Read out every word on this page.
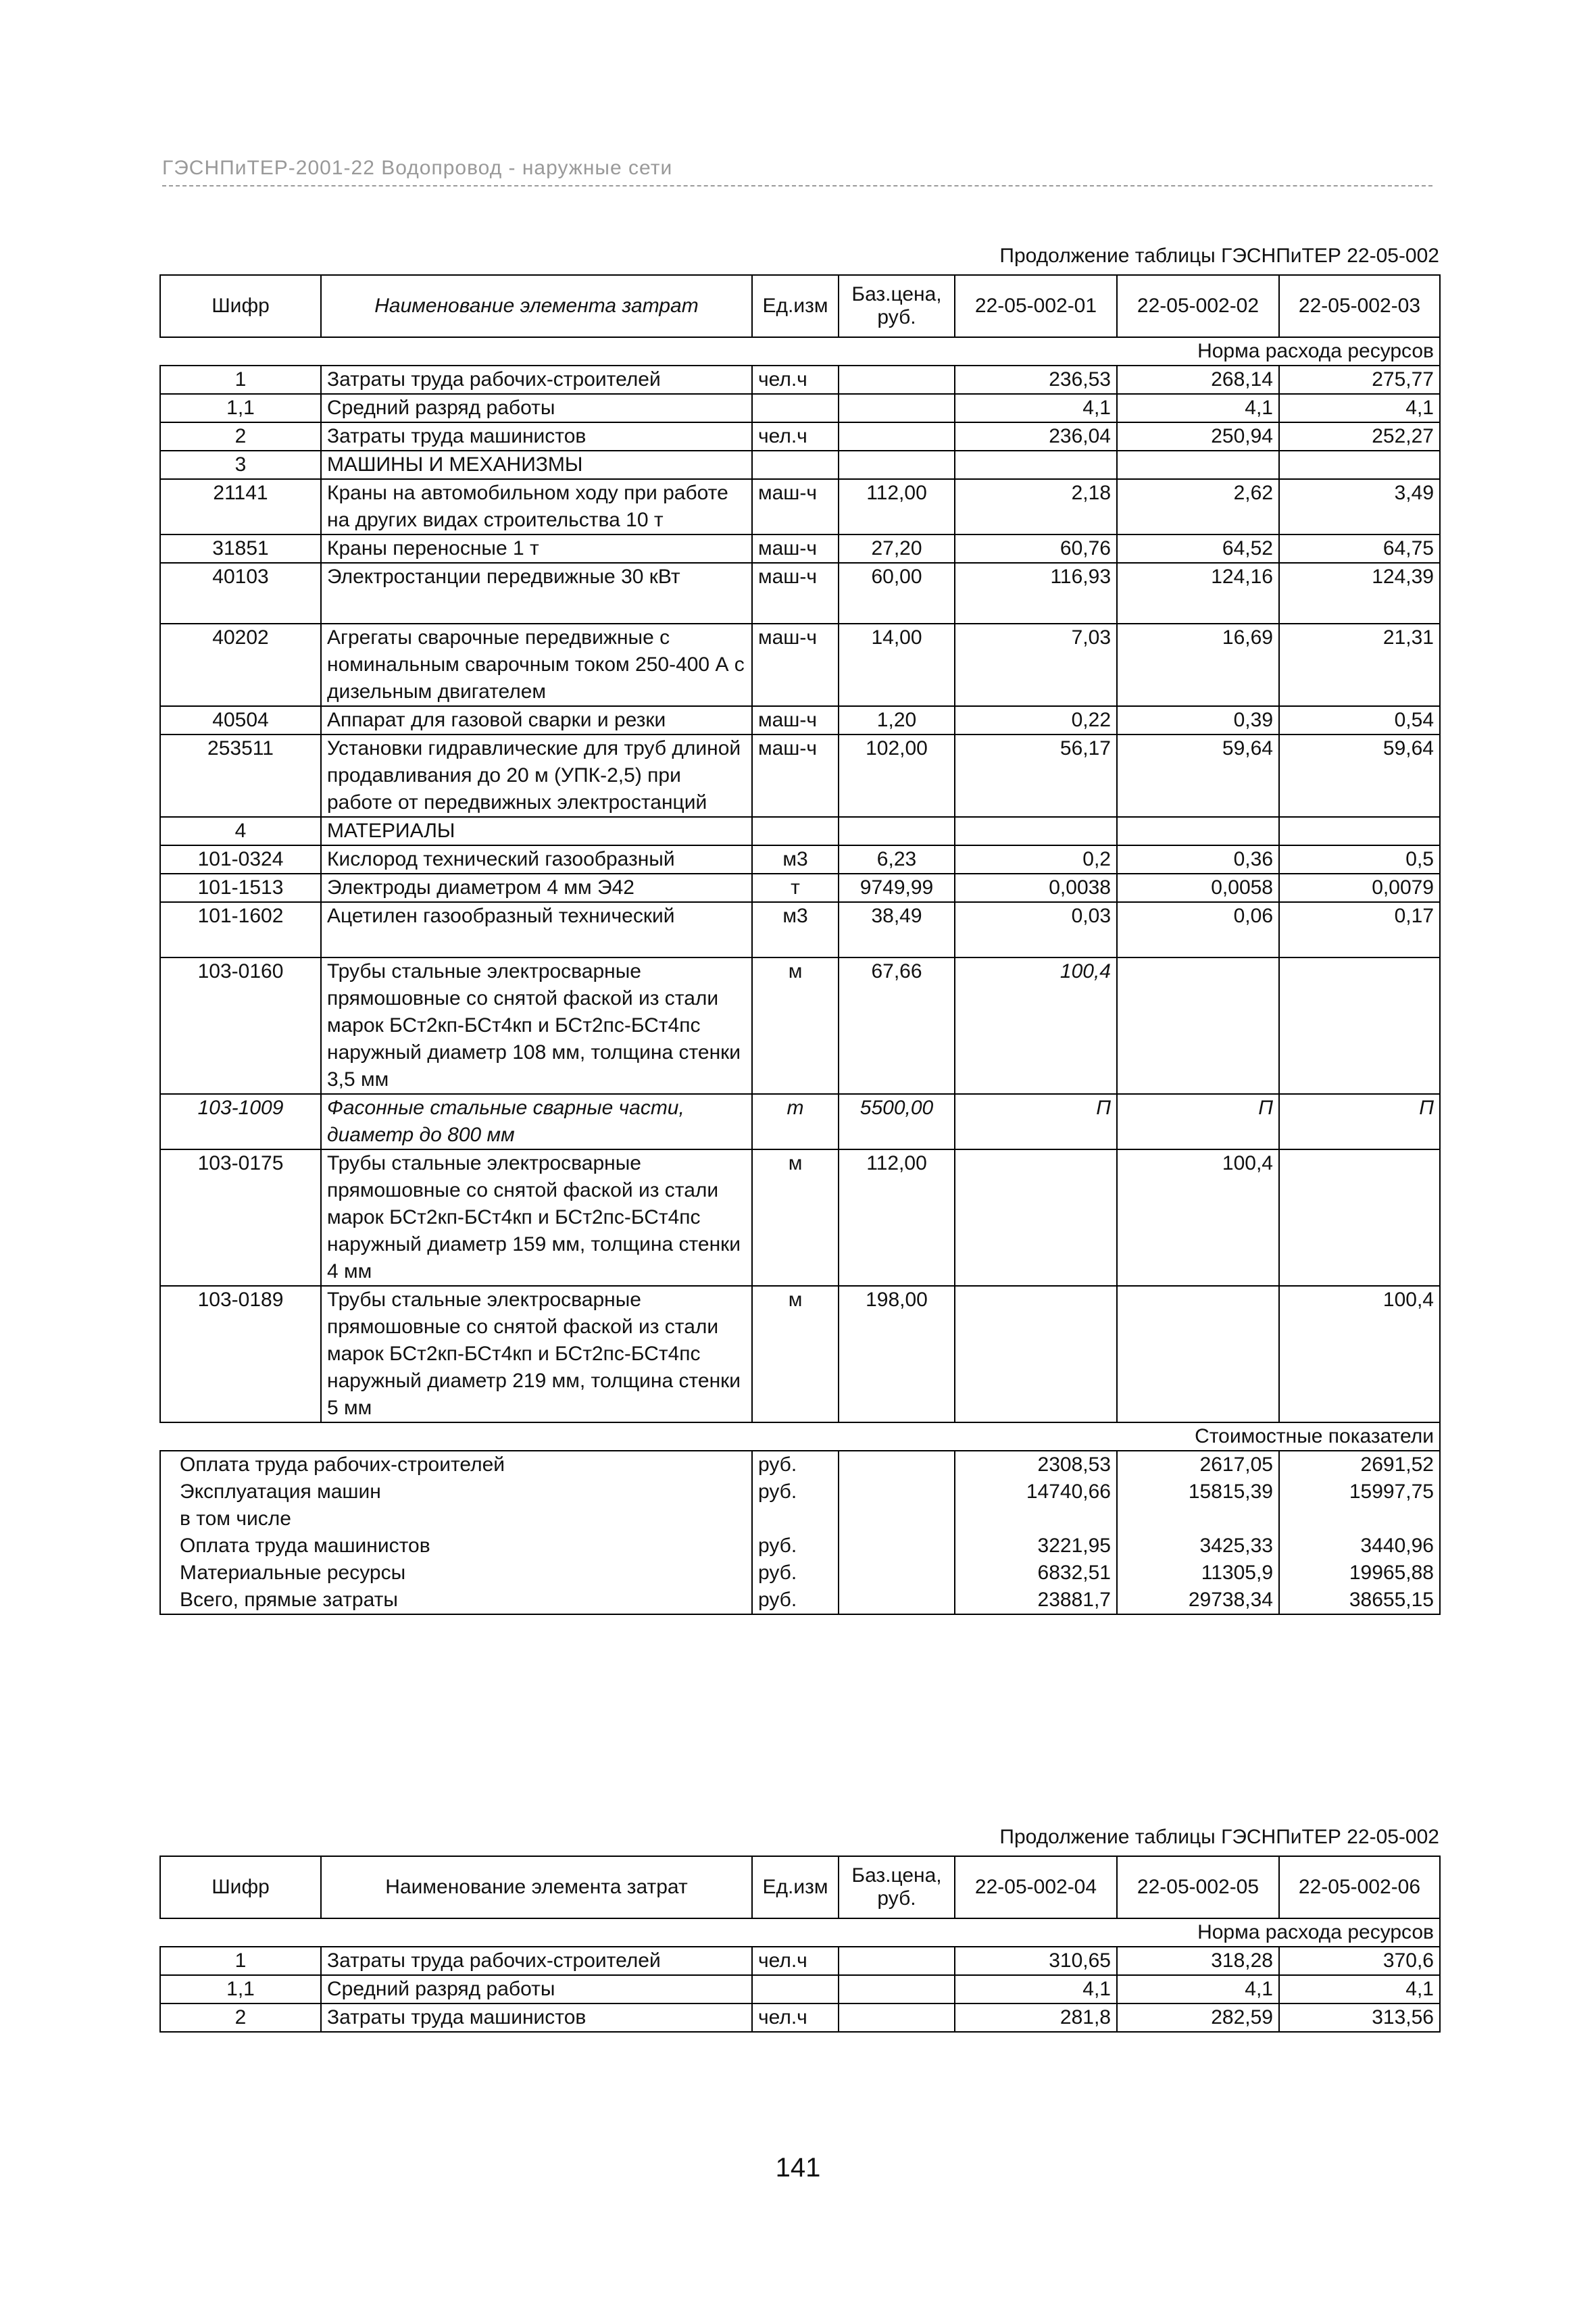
ГЭСНПиТЕР-2001-22 Водопровод - наружные сети
Продолжение таблицы ГЭСНПиТЕР 22-05-002
Шифр	Наименование элемента затрат	Ед.изм	Баз.цена, руб.	22-05-002-01	22-05-002-02	22-05-002-03
Норма расхода ресурсов						
1	Затраты труда рабочих-строителей	чел.ч		236,53	268,14	275,77
1,1	Средний разряд работы			4,1	4,1	4,1
2	Затраты труда машинистов	чел.ч		236,04	250,94	252,27
3	МАШИНЫ И МЕХАНИЗМЫ					
21141	Краны на автомобильном ходу при работе на других видах строительства 10 т	маш-ч	112,00	2,18	2,62	3,49
31851	Краны переносные 1 т	маш-ч	27,20	60,76	64,52	64,75
40103	Электростанции передвижные 30 кВт	маш-ч	60,00	116,93	124,16	124,39
40202	Агрегаты сварочные передвижные с номинальным сварочным током 250-400 А с дизельным двигателем	маш-ч	14,00	7,03	16,69	21,31
40504	Аппарат для газовой сварки и резки	маш-ч	1,20	0,22	0,39	0,54
253511	Установки гидравлические для труб длиной продавливания до 20 м (УПК-2,5) при работе от передвижных электростанций	маш-ч	102,00	56,17	59,64	59,64
4	МАТЕРИАЛЫ					
101-0324	Кислород технический газообразный	м3	6,23	0,2	0,36	0,5
101-1513	Электроды диаметром 4 мм Э42	т	9749,99	0,0038	0,0058	0,0079
101-1602	Ацетилен газообразный технический	м3	38,49	0,03	0,06	0,17
103-0160	Трубы стальные электросварные прямошовные со снятой фаской из стали марок БСт2кп-БСт4кп и БСт2пс-БСт4пс наружный диаметр 108 мм, толщина стенки 3,5 мм	м	67,66	100,4		
103-1009	Фасонные стальные сварные части, диаметр до 800 мм	т	5500,00	П	П	П
103-0175	Трубы стальные электросварные прямошовные со снятой фаской из стали марок БСт2кп-БСт4кп и БСт2пс-БСт4пс наружный диаметр 159 мм, толщина стенки 4 мм	м	112,00		100,4	
103-0189	Трубы стальные электросварные прямошовные со снятой фаской из стали марок БСт2кп-БСт4кп и БСт2пс-БСт4пс наружный диаметр 219 мм, толщина стенки 5 мм	м	198,00			100,4
Стоимостные показатели						
Оплата труда рабочих-строителей		руб.		2308,53	2617,05	2691,52
Эксплуатация машин		руб.		14740,66	15815,39	15997,75
в том числе						
Оплата труда машинистов		руб.		3221,95	3425,33	3440,96
Материальные ресурсы		руб.		6832,51	11305,9	19965,88
Всего, прямые затраты		руб.		23881,7	29738,34	38655,15
Продолжение таблицы ГЭСНПиТЕР 22-05-002
Шифр	Наименование элемента затрат	Ед.изм	Баз.цена, руб.	22-05-002-04	22-05-002-05	22-05-002-06
Норма расхода ресурсов						
1	Затраты труда рабочих-строителей	чел.ч		310,65	318,28	370,6
1,1	Средний разряд работы			4,1	4,1	4,1
2	Затраты труда машинистов	чел.ч		281,8	282,59	313,56
141
